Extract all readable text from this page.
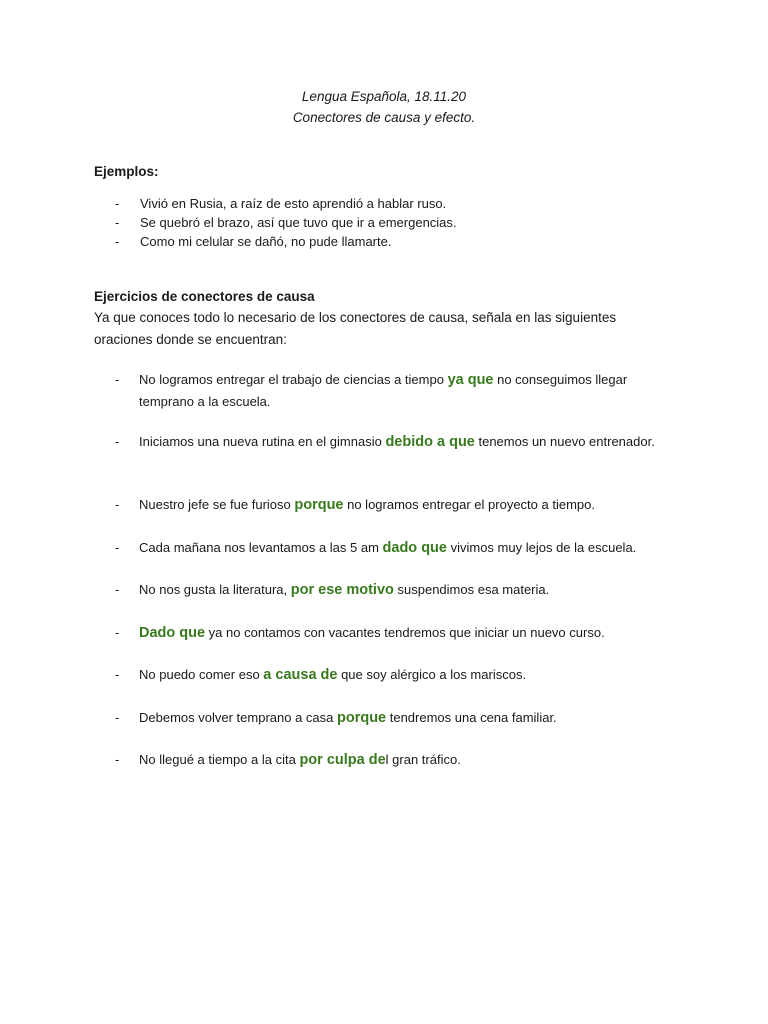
Lengua Española, 18.11.20
Conectores de causa y efecto.
Ejemplos:
- Vivió en Rusia, a raíz de esto aprendió a hablar ruso.
- Se quebró el brazo, así que tuvo que ir a emergencias.
- Como mi celular se dañó, no pude llamarte.
Ejercicios de conectores de causa
Ya que conoces todo lo necesario de los conectores de causa, señala en las siguientes oraciones donde se encuentran:
- No logramos entregar el trabajo de ciencias a tiempo ya que no conseguimos llegar temprano a la escuela.
- Iniciamos una nueva rutina en el gimnasio debido a que tenemos un nuevo entrenador.
- Nuestro jefe se fue furioso porque no logramos entregar el proyecto a tiempo.
- Cada mañana nos levantamos a las 5 am dado que vivimos muy lejos de la escuela.
- No nos gusta la literatura, por ese motivo suspendimos esa materia.
- Dado que ya no contamos con vacantes tendremos que iniciar un nuevo curso.
- No puedo comer eso a causa de que soy alérgico a los mariscos.
- Debemos volver temprano a casa porque tendremos una cena familiar.
- No llegué a tiempo a la cita por culpa del gran tráfico.
